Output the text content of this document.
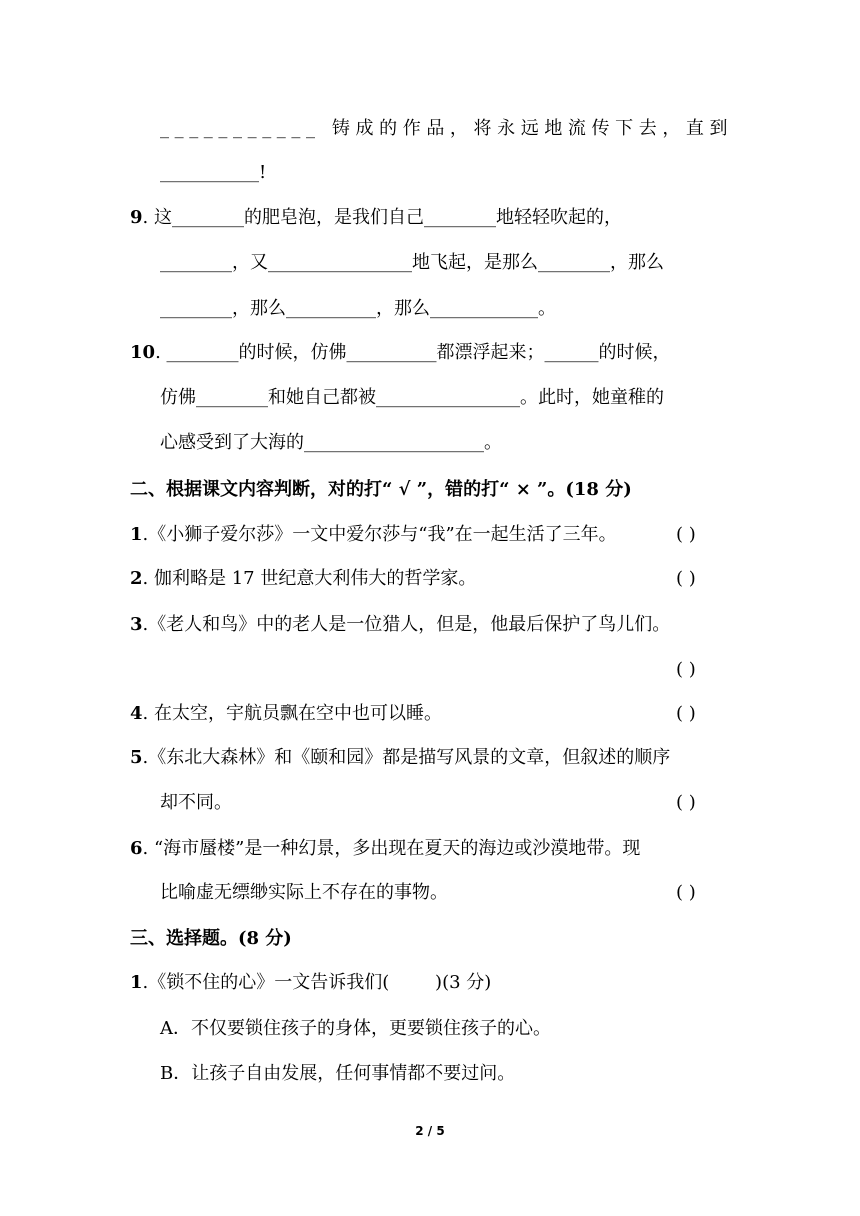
___________ 铸成的作品，将永远地流传下去，直到
___________!
9. 这________的肥皂泡，是我们自己________地轻轻吹起的，
________，又________________地飞起，是那么________，那么
________，那么__________，那么____________。
10. ________的时候，仿佛__________都漂浮起来；______的时候，
仿佛________和她自己都被________________。此时，她童稚的
心感受到了大海的____________________。
二、根据课文内容判断，对的打“ √ ”，错的打“ × ”。(18 分)
1.《小狮子爱尔莎》一文中爱尔莎与“我”在一起生活了三年。	( )
2. 伽利略是 17 世纪意大利伟大的哲学家。	( )
3.《老人和鸟》中的老人是一位猎人，但是，他最后保护了鸟儿们。
( )
4. 在太空，宇航员飘在空中也可以睡。	( )
5.《东北大森林》和《颐和园》都是描写风景的文章，但叙述的顺序
却不同。	( )
6. “海市蜃楼”是一种幻景，多出现在夏天的海边或沙漠地带。现
比喻虚无缥缈实际上不存在的事物。	( )
三、选择题。(8 分)
1.《锁不住的心》一文告诉我们(        )(3 分)
A．不仅要锁住孩子的身体，更要锁住孩子的心。
B．让孩子自由发展，任何事情都不要过问。
2 / 5
